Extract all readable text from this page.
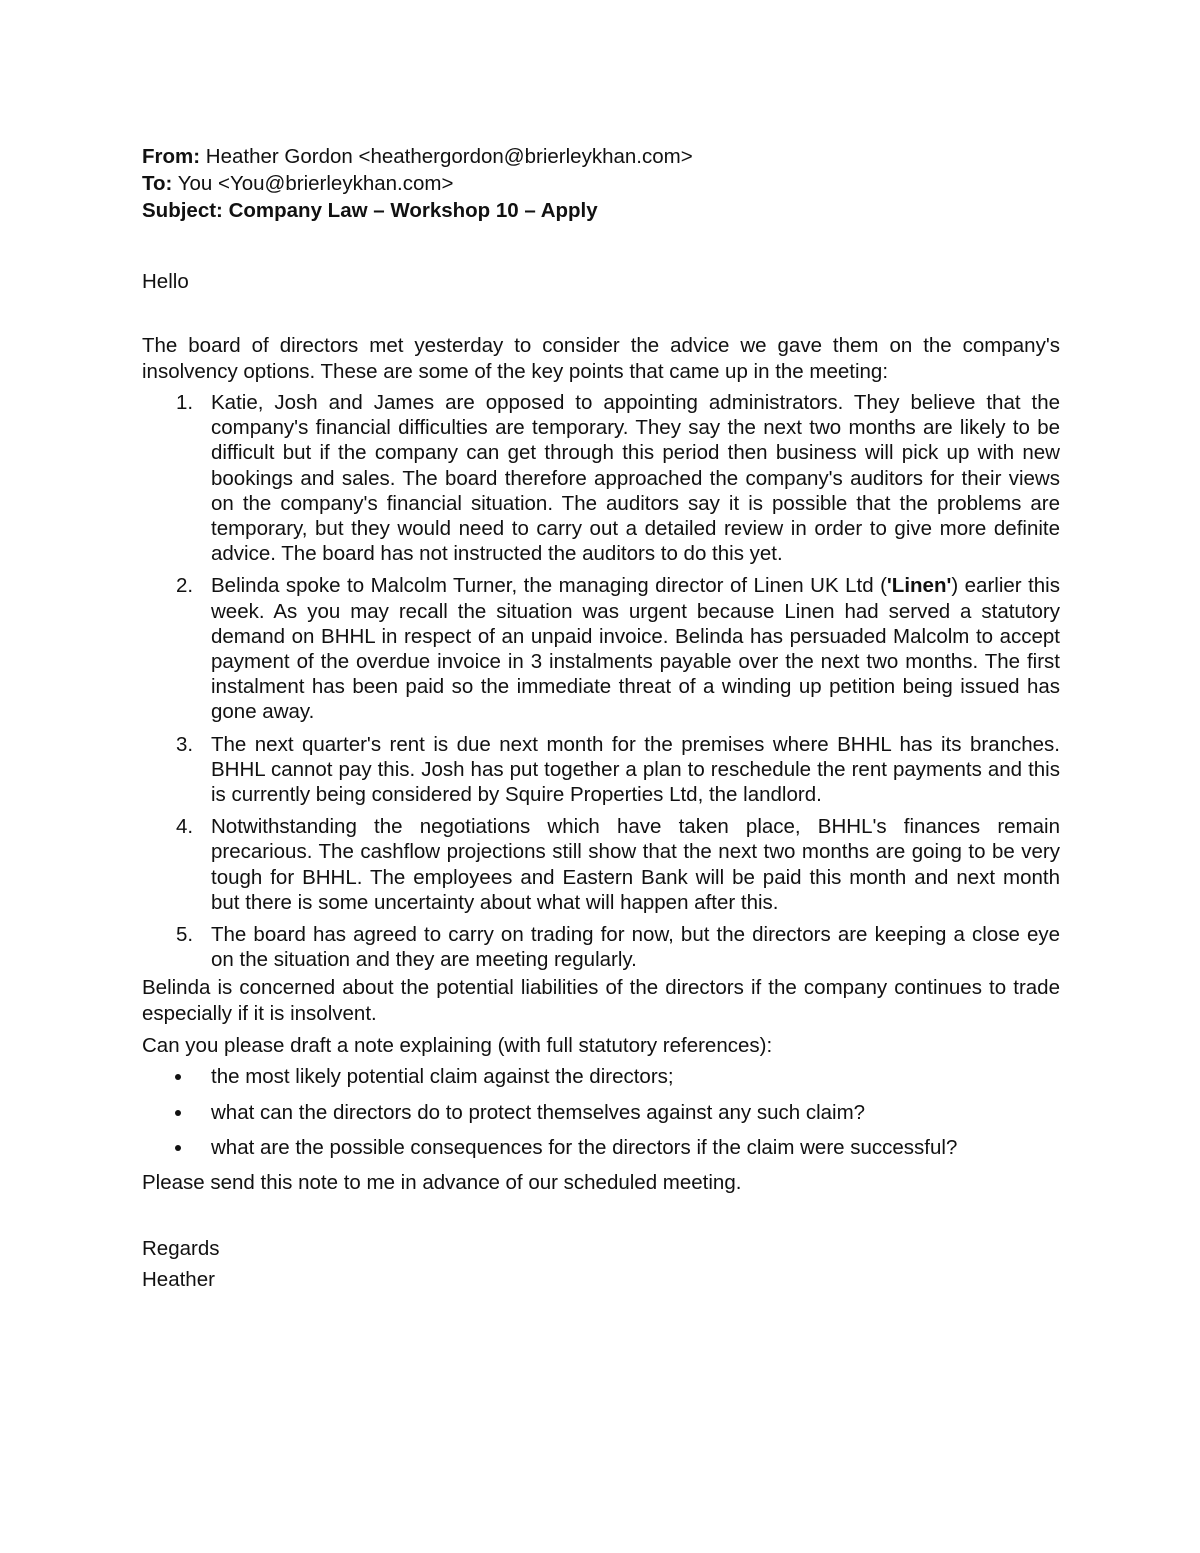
From: Heather Gordon <heathergordon@brierleykhan.com>
To: You <You@brierleykhan.com>
Subject: Company Law – Workshop 10 – Apply
Hello
The board of directors met yesterday to consider the advice we gave them on the company's insolvency options. These are some of the key points that came up in the meeting:
1. Katie, Josh and James are opposed to appointing administrators. They believe that the company's financial difficulties are temporary. They say the next two months are likely to be difficult but if the company can get through this period then business will pick up with new bookings and sales. The board therefore approached the company's auditors for their views on the company's financial situation. The auditors say it is possible that the problems are temporary, but they would need to carry out a detailed review in order to give more definite advice. The board has not instructed the auditors to do this yet.
2. Belinda spoke to Malcolm Turner, the managing director of Linen UK Ltd ('Linen') earlier this week. As you may recall the situation was urgent because Linen had served a statutory demand on BHHL in respect of an unpaid invoice. Belinda has persuaded Malcolm to accept payment of the overdue invoice in 3 instalments payable over the next two months. The first instalment has been paid so the immediate threat of a winding up petition being issued has gone away.
3. The next quarter's rent is due next month for the premises where BHHL has its branches. BHHL cannot pay this. Josh has put together a plan to reschedule the rent payments and this is currently being considered by Squire Properties Ltd, the landlord.
4. Notwithstanding the negotiations which have taken place, BHHL's finances remain precarious. The cashflow projections still show that the next two months are going to be very tough for BHHL. The employees and Eastern Bank will be paid this month and next month but there is some uncertainty about what will happen after this.
5. The board has agreed to carry on trading for now, but the directors are keeping a close eye on the situation and they are meeting regularly.
Belinda is concerned about the potential liabilities of the directors if the company continues to trade especially if it is insolvent.
Can you please draft a note explaining (with full statutory references):
the most likely potential claim against the directors;
what can the directors do to protect themselves against any such claim?
what are the possible consequences for the directors if the claim were successful?
Please send this note to me in advance of our scheduled meeting.
Regards
Heather
